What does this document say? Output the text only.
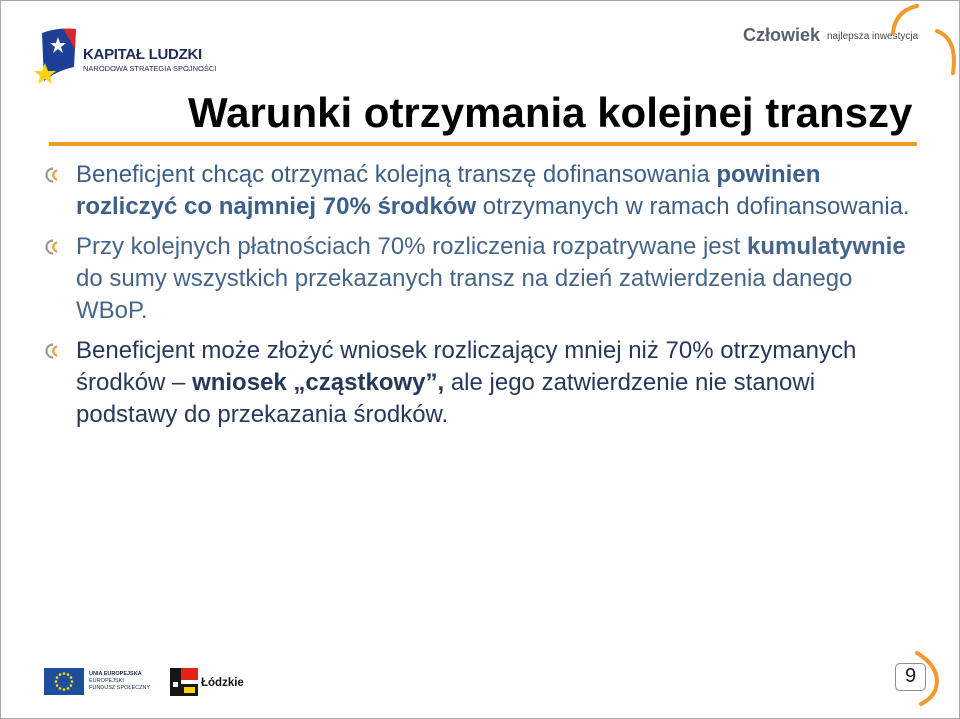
KAPITAŁ LUDZKI
NARODOWA STRATEGIA SPÓJNOŚCI
Człowiek najlepsza inwestycja
Warunki otrzymania kolejnej transzy
Beneficjent chcąc otrzymać kolejną transzę dofinansowania powinien
rozliczyć co najmniej 70% środków otrzymanych w ramach dofinansowania.
Przy kolejnych płatnościach 70% rozliczenia rozpatrywane jest kumulatywnie
do sumy wszystkich przekazanych transz na dzień zatwierdzenia danego
WBoP.
Beneficjent może złożyć wniosek rozliczający mniej niż 70% otrzymanych
środków – wniosek „cząstkowy”, ale jego zatwierdzenie nie stanowi
podstawy do przekazania środków.
UNIA EUROPEJSKA
EUROPEJSKI
FUNDUSZ SPOŁECZNY	Łódzkie	9
